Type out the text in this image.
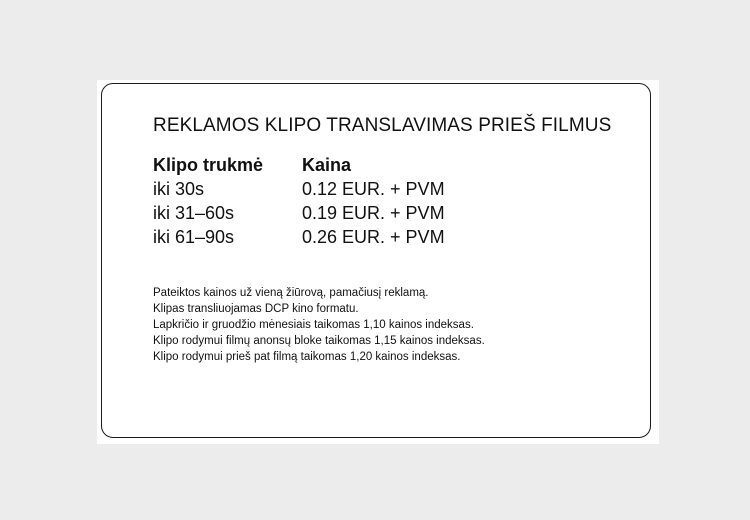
REKLAMOS KLIPO TRANSLAVIMAS PRIEŠ FILMUS
Klipo trukmė	Kaina
iki 30s	0.12 EUR. + PVM
iki 31–60s	0.19 EUR. + PVM
iki 61–90s	0.26 EUR. + PVM
Pateiktos kainos už vieną žiūrovą, pamačiusį reklamą.
Klipas transliuojamas DCP kino formatu.
Lapkričio ir gruodžio mėnesiais taikomas 1,10 kainos indeksas.
Klipo rodymui filmų anonsų bloke taikomas 1,15 kainos indeksas.
Klipo rodymui prieš pat filmą taikomas 1,20 kainos indeksas.
